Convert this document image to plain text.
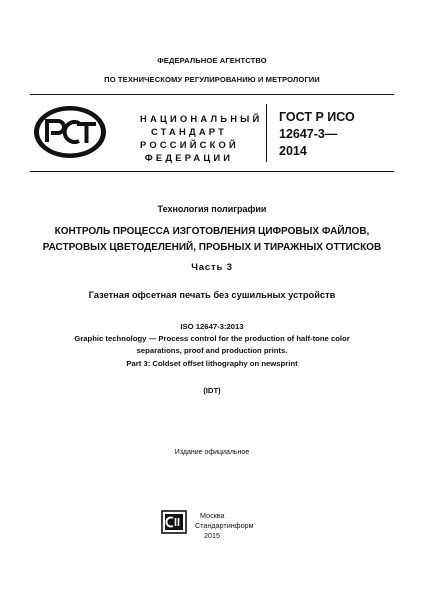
ФЕДЕРАЛЬНОЕ АГЕНТСТВО
ПО ТЕХНИЧЕСКОМУ РЕГУЛИРОВАНИЮ И МЕТРОЛОГИИ
НАЦИОНАЛЬНЫЙ
СТАНДАРТ
РОССИЙСКОЙ
ФЕДЕРАЦИИ
ГОСТ Р ИСО
12647-3—
2014
Технология полиграфии
КОНТРОЛЬ ПРОЦЕССА ИЗГОТОВЛЕНИЯ ЦИФРОВЫХ ФАЙЛОВ,
РАСТРОВЫХ ЦВЕТОДЕЛЕНИЙ, ПРОБНЫХ И ТИРАЖНЫХ ОТТИСКОВ
Часть 3
Газетная офсетная печать без сушильных устройств
ISO 12647-3:2013
Graphic technology — Process control for the production of half-tone color
separations, proof and production prints.
Part 3: Coldset offset lithography on newsprint
(IDT)
Издание официальное
Москва
Стандартинформ
2015
